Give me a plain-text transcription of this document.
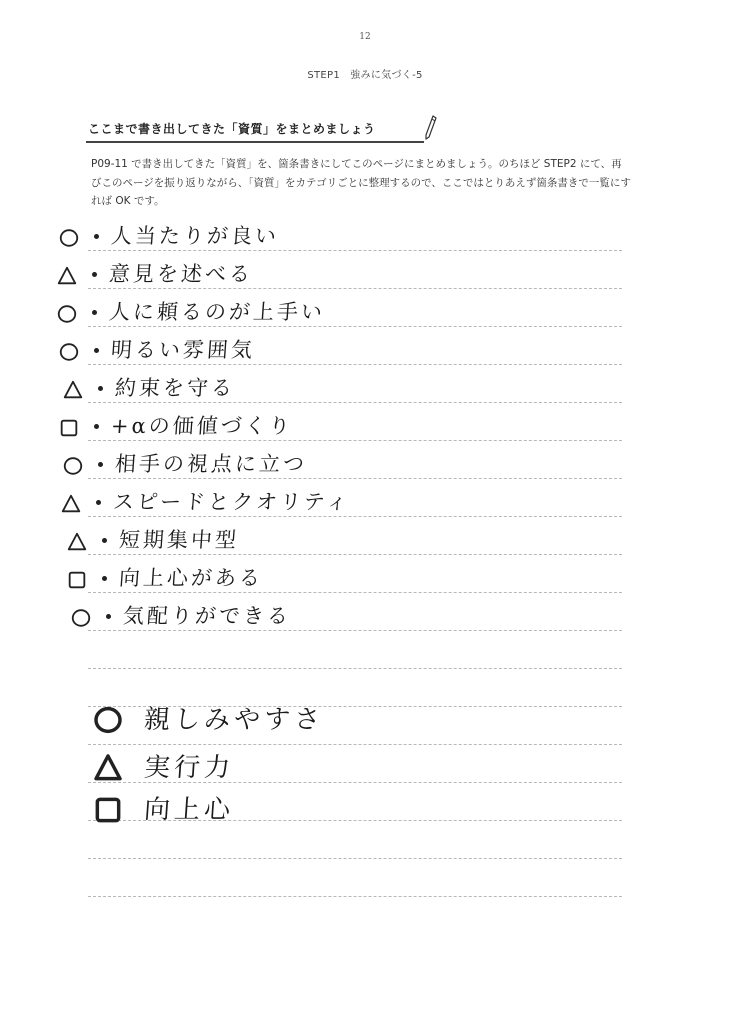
12
STEP1　強みに気づく-5
ここまで書き出してきた「資質」をまとめましょう
P09-11 で書き出してきた「資質」を、箇条書きにしてこのページにまとめましょう。のちほど STEP2 にて、再びこのページを振り返りながら、「資質」をカテゴリごとに整理するので、ここではとりあえず箇条書きで一覧にすれば OK です。
人当たりが良い
意見を述べる
人に頼るのが上手い
明るい雰囲気
約束を守る
+αの価値づくり
相手の視点に立つ
スピードとクオリティ
短期集中型
向上心がある
気配りができる
親しみやすさ
実行力
向上心
